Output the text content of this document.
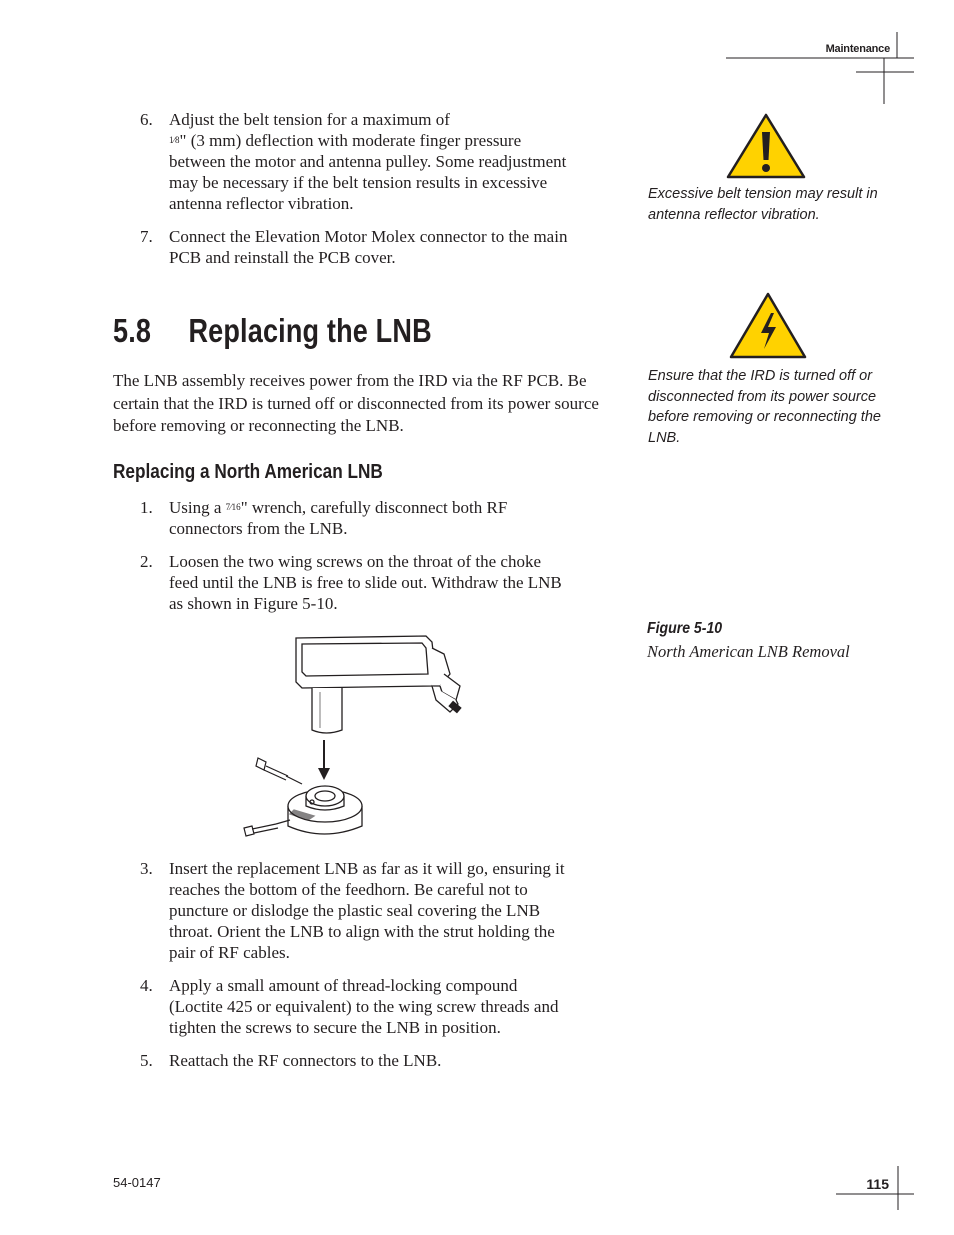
Maintenance
6. Adjust the belt tension for a maximum of
1⁄8" (3 mm) deflection with moderate finger pressure between the motor and antenna pulley. Some readjustment may be necessary if the belt tension results in excessive antenna reflector vibration.
7. Connect the Elevation Motor Molex connector to the main PCB and reinstall the PCB cover.
5.8 Replacing the LNB
The LNB assembly receives power from the IRD via the RF PCB. Be certain that the IRD is turned off or disconnected from its power source before removing or reconnecting the LNB.
Replacing a North American LNB
1. Using a 7⁄16" wrench, carefully disconnect both RF connectors from the LNB.
2. Loosen the two wing screws on the throat of the choke feed until the LNB is free to slide out. Withdraw the LNB as shown in Figure 5-10.
3. Insert the replacement LNB as far as it will go, ensuring it reaches the bottom of the feedhorn. Be careful not to puncture or dislodge the plastic seal covering the LNB throat. Orient the LNB to align with the strut holding the pair of RF cables.
4. Apply a small amount of thread-locking compound (Loctite 425 or equivalent) to the wing screw threads and tighten the screws to secure the LNB in position.
5. Reattach the RF connectors to the LNB.
Excessive belt tension may result in antenna reflector vibration.
Ensure that the IRD is turned off or disconnected from its power source before removing or reconnecting the LNB.
Figure 5-10
North American LNB Removal
54-0147	115
